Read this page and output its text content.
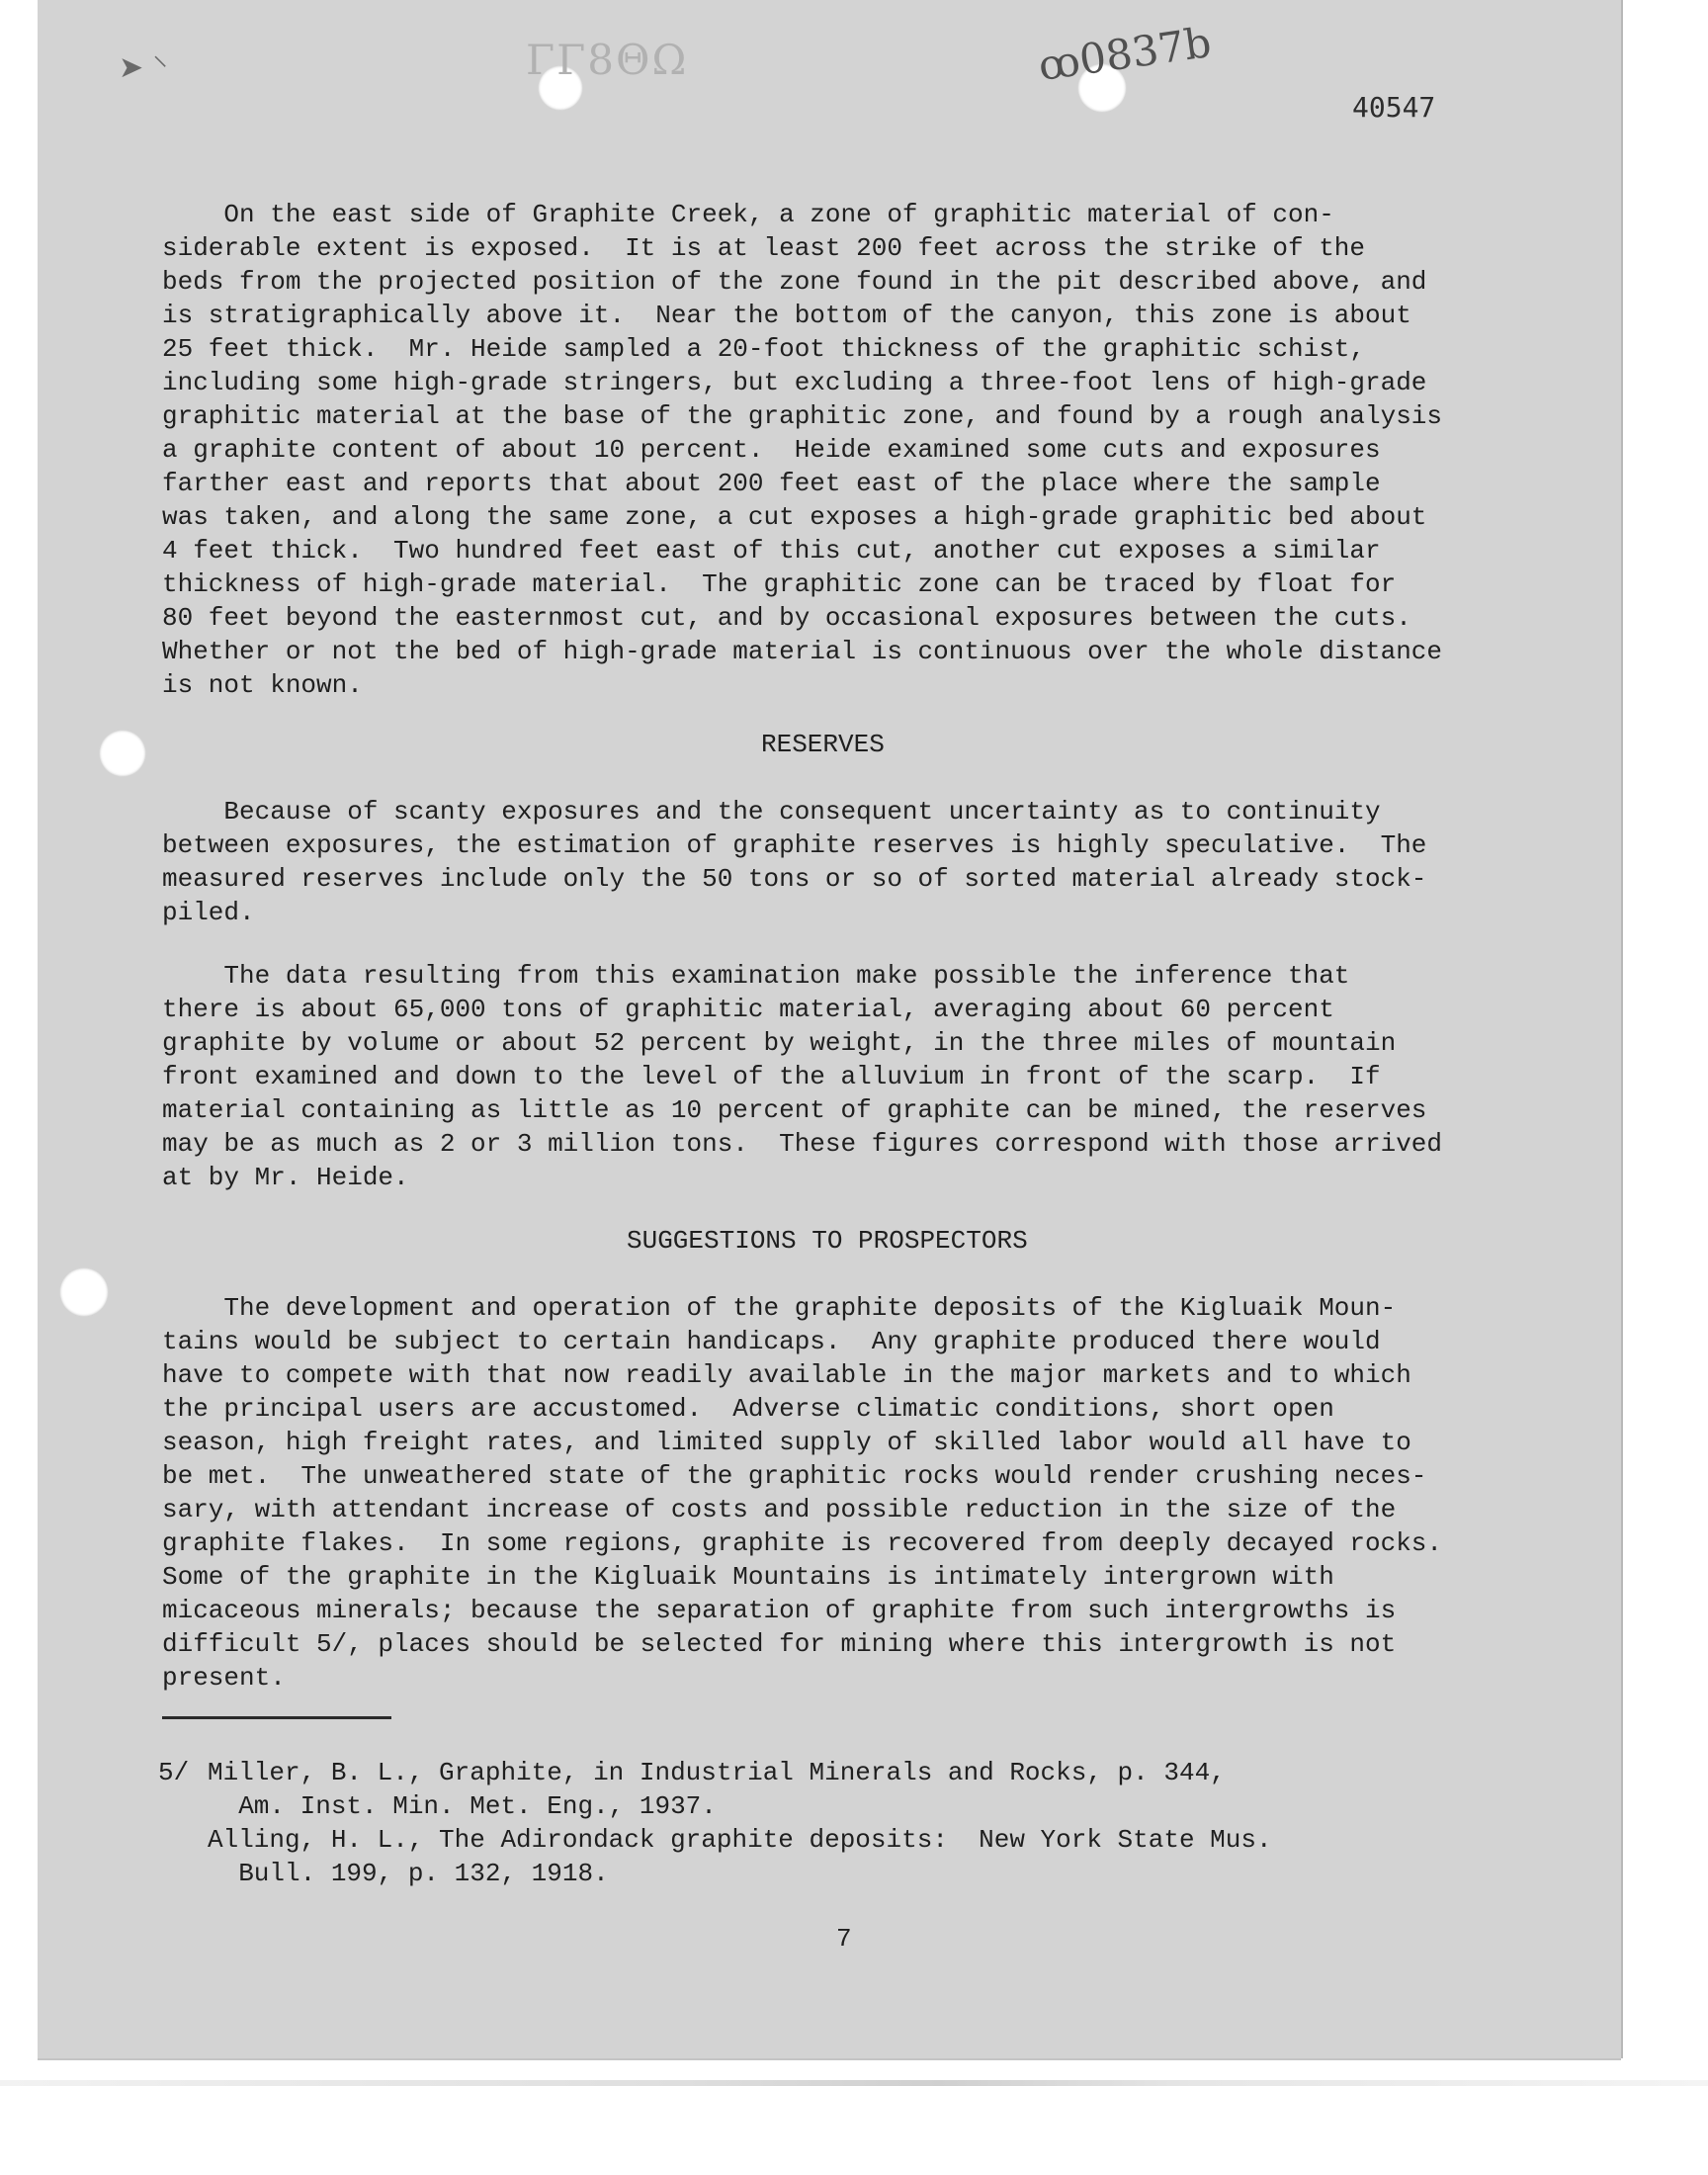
➤ ⸌	ΓΓ8ΘΩ	ꝏ0837b
40547
On the east side of Graphite Creek, a zone of graphitic material of con-
siderable extent is exposed.  It is at least 200 feet across the strike of the
beds from the projected position of the zone found in the pit described above, and
is stratigraphically above it.  Near the bottom of the canyon, this zone is about
25 feet thick.  Mr. Heide sampled a 20-foot thickness of the graphitic schist,
including some high-grade stringers, but excluding a three-foot lens of high-grade
graphitic material at the base of the graphitic zone, and found by a rough analysis
a graphite content of about 10 percent.  Heide examined some cuts and exposures
farther east and reports that about 200 feet east of the place where the sample
was taken, and along the same zone, a cut exposes a high-grade graphitic bed about
4 feet thick.  Two hundred feet east of this cut, another cut exposes a similar
thickness of high-grade material.  The graphitic zone can be traced by float for
80 feet beyond the easternmost cut, and by occasional exposures between the cuts.
Whether or not the bed of high-grade material is continuous over the whole distance
is not known.
RESERVES
Because of scanty exposures and the consequent uncertainty as to continuity
between exposures, the estimation of graphite reserves is highly speculative.  The
measured reserves include only the 50 tons or so of sorted material already stock-
piled.
The data resulting from this examination make possible the inference that
there is about 65,000 tons of graphitic material, averaging about 60 percent
graphite by volume or about 52 percent by weight, in the three miles of mountain
front examined and down to the level of the alluvium in front of the scarp.  If
material containing as little as 10 percent of graphite can be mined, the reserves
may be as much as 2 or 3 million tons.  These figures correspond with those arrived
at by Mr. Heide.
SUGGESTIONS TO PROSPECTORS
The development and operation of the graphite deposits of the Kigluaik Moun-
tains would be subject to certain handicaps.  Any graphite produced there would
have to compete with that now readily available in the major markets and to which
the principal users are accustomed.  Adverse climatic conditions, short open
season, high freight rates, and limited supply of skilled labor would all have to
be met.  The unweathered state of the graphitic rocks would render crushing neces-
sary, with attendant increase of costs and possible reduction in the size of the
graphite flakes.  In some regions, graphite is recovered from deeply decayed rocks.
Some of the graphite in the Kigluaik Mountains is intimately intergrown with
micaceous minerals; because the separation of graphite from such intergrowths is
difficult 5/, places should be selected for mining where this intergrowth is not
present.
5/ Miller, B. L., Graphite, in Industrial Minerals and Rocks, p. 344,
Am. Inst. Min. Met. Eng., 1937.
Alling, H. L., The Adirondack graphite deposits:  New York State Mus.
Bull. 199, p. 132, 1918.
7
